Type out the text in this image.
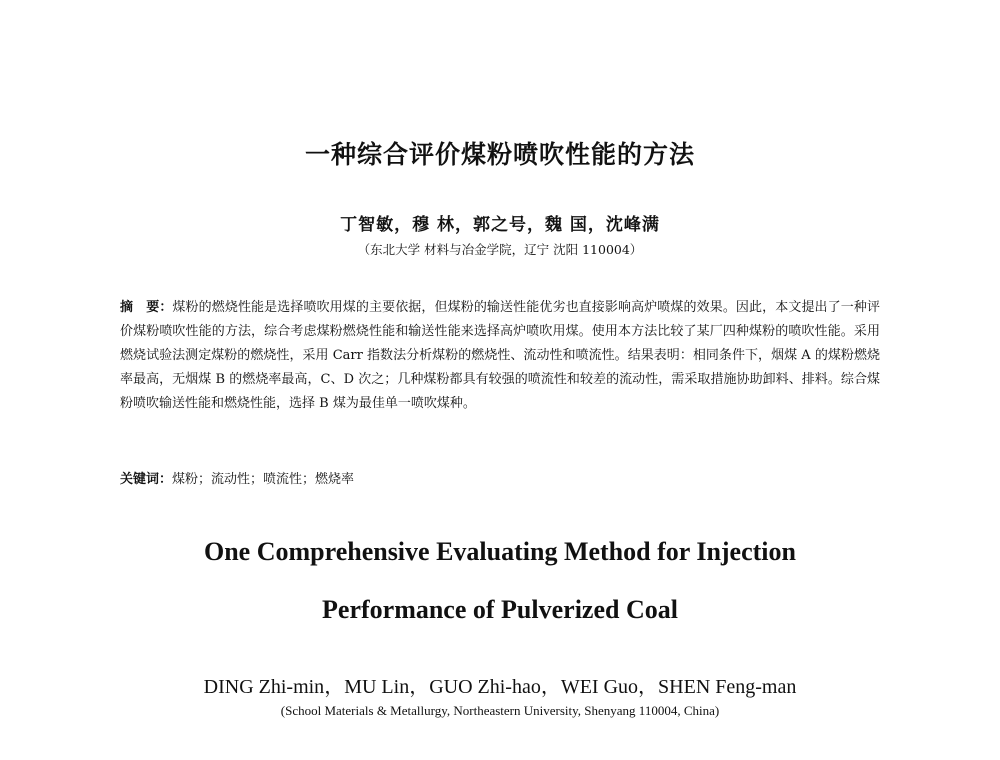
一种综合评价煤粉喷吹性能的方法
丁智敏，穆 林，郭之号，魏 国，沈峰满
（东北大学 材料与冶金学院，辽宁 沈阳 110004）
摘　要：煤粉的燃烧性能是选择喷吹用煤的主要依据，但煤粉的输送性能优劣也直接影响高炉喷煤的效果。因此，本文提出了一种评价煤粉喷吹性能的方法，综合考虑煤粉燃烧性能和输送性能来选择高炉喷吹用煤。使用本方法比较了某厂四种煤粉的喷吹性能。采用燃烧试验法测定煤粉的燃烧性，采用 Carr 指数法分析煤粉的燃烧性、流动性和喷流性。结果表明：相同条件下，烟煤 A 的煤粉燃烧率最高，无烟煤 B 的燃烧率最高，C、D 次之；几种煤粉都具有较强的喷流性和较差的流动性，需采取措施协助卸料、排料。综合煤粉喷吹输送性能和燃烧性能，选择 B 煤为最佳单一喷吹煤种。
关键词：煤粉；流动性；喷流性；燃烧率
One Comprehensive Evaluating Method for Injection
Performance of Pulverized Coal
DING Zhi-min，MU Lin，GUO Zhi-hao，WEI Guo，SHEN Feng-man
(School Materials & Metallurgy, Northeastern University, Shenyang 110004, China)
